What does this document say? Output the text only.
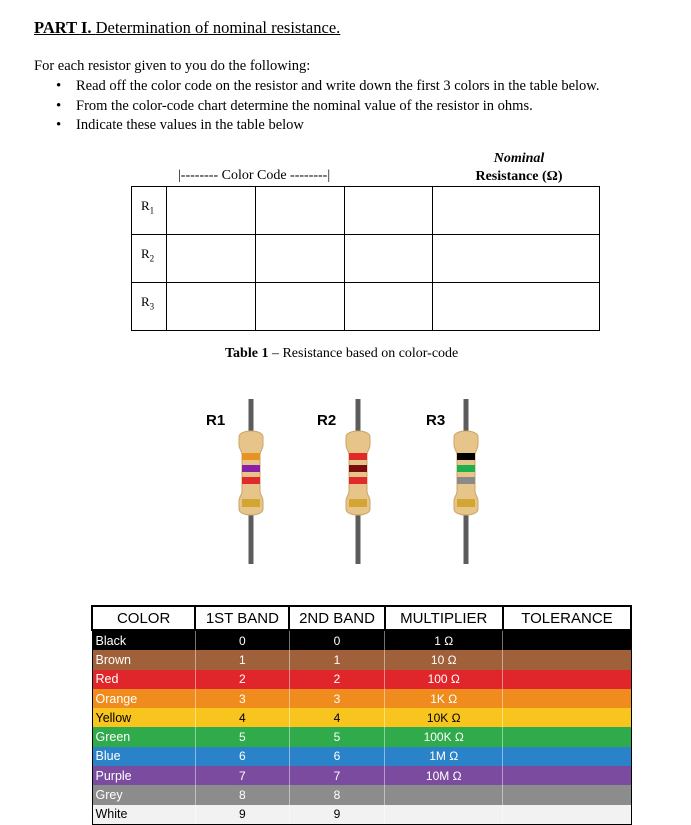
PART I. Determination of nominal resistance.
For each resistor given to you do the following:
• Read off the color code on the resistor and write down the first 3 colors in the table below.
• From the color-code chart determine the nominal value of the resistor in ohms.
• Indicate these values in the table below
|-------- Color Code --------|
Nominal
Resistance (Ω)
$R_1$				
$R_2$				
$R_3$				
Table 1 – Resistance based on color-code
R1	R2	R3
COLOR	1ST BAND	2ND BAND	MULTIPLIER	TOLERANCE
Black	0	0	1 Ω	
Brown	1	1	10 Ω	
Red	2	2	100 Ω	
Orange	3	3	1K Ω	
Yellow	4	4	10K Ω	
Green	5	5	100K Ω	
Blue	6	6	1M Ω	
Purple	7	7	10M Ω	
Grey	8	8		
White	9	9		
